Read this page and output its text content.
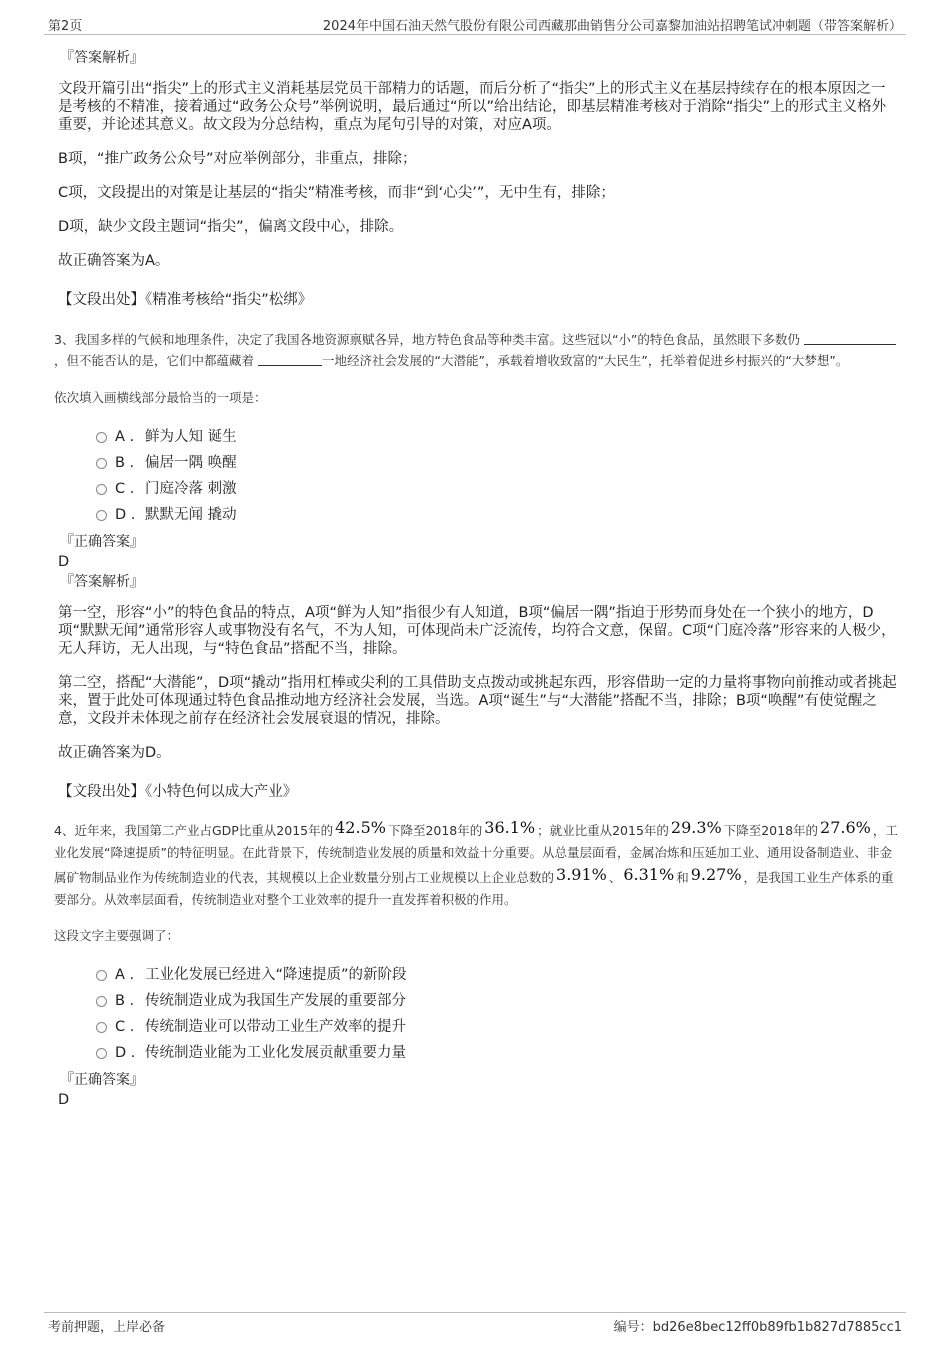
第2页	2024年中国石油天然气股份有限公司西藏那曲销售分公司嘉黎加油站招聘笔试冲刺题（带答案解析）
『答案解析』
文段开篇引出“指尖”上的形式主义消耗基层党员干部精力的话题，而后分析了“指尖”上的形式主义在基层持续存在的根本原因之一是考核的不精准，接着通过“政务公众号”举例说明，最后通过“所以”给出结论，即基层精准考核对于消除“指尖”上的形式主义格外重要，并论述其意义。故文段为分总结构，重点为尾句引导的对策，对应A项。
B项，“推广政务公众号”对应举例部分，非重点，排除；
C项，文段提出的对策是让基层的“指尖”精准考核，而非“到‘心尖’”，无中生有，排除；
D项，缺少文段主题词“指尖”，偏离文段中心，排除。
故正确答案为A。
【文段出处】《精准考核给“指尖”松绑》
3、我国多样的气候和地理条件，决定了我国各地资源禀赋各异，地方特色食品等种类丰富。这些冠以“小”的特色食品，虽然眼下多数仍 ，但不能否认的是，它们中都蕴藏着	一地经济社会发展的“大潜能”，承载着增收致富的“大民生”，托举着促进乡村振兴的“大梦想”。
依次填入画横线部分最恰当的一项是：
A . 鲜为人知 诞生
B . 偏居一隅 唤醒
C . 门庭冷落 刺激
D . 默默无闻 撬动
『正确答案』
D
『答案解析』
第一空，形容“小”的特色食品的特点，A项“鲜为人知”指很少有人知道，B项“偏居一隅”指迫于形势而身处在一个狭小的地方，D项“默默无闻”通常形容人或事物没有名气，不为人知，可体现尚未广泛流传，均符合文意，保留。C项“门庭冷落”形容来的人极少，无人拜访，无人出现，与“特色食品”搭配不当，排除。
第二空，搭配“大潜能”，D项“撬动”指用杠棒或尖利的工具借助支点拨动或挑起东西，形容借助一定的力量将事物向前推动或者挑起来，置于此处可体现通过特色食品推动地方经济社会发展，当选。A项“诞生”与“大潜能”搭配不当，排除；B项“唤醒”有使觉醒之意，文段并未体现之前存在经济社会发展衰退的情况，排除。
故正确答案为D。
【文段出处】《小特色何以成大产业》
4、近年来，我国第二产业占GDP比重从2015年的 42.5% 下降至2018年的 36.1% ；就业比重从2015年的 29.3% 下降至2018年的 27.6% ，工业化发展“降速提质”的特征明显。在此背景下，传统制造业发展的质量和效益十分重要。从总量层面看，金属冶炼和压延加工业、通用设备制造业、非金属矿物制品业作为传统制造业的代表，其规模以上企业数量分别占工业规模以上企业总数的 3.91% 、 6.31% 和 9.27% ，是我国工业生产体系的重要部分。从效率层面看，传统制造业对整个工业效率的提升一直发挥着积极的作用。
这段文字主要强调了：
A . 工业化发展已经进入“降速提质”的新阶段
B . 传统制造业成为我国生产发展的重要部分
C . 传统制造业可以带动工业生产效率的提升
D . 传统制造业能为工业化发展贡献重要力量
『正确答案』
D
考前押题，上岸必备	编号：bd26e8bec12ff0b89fb1b827d7885cc1
